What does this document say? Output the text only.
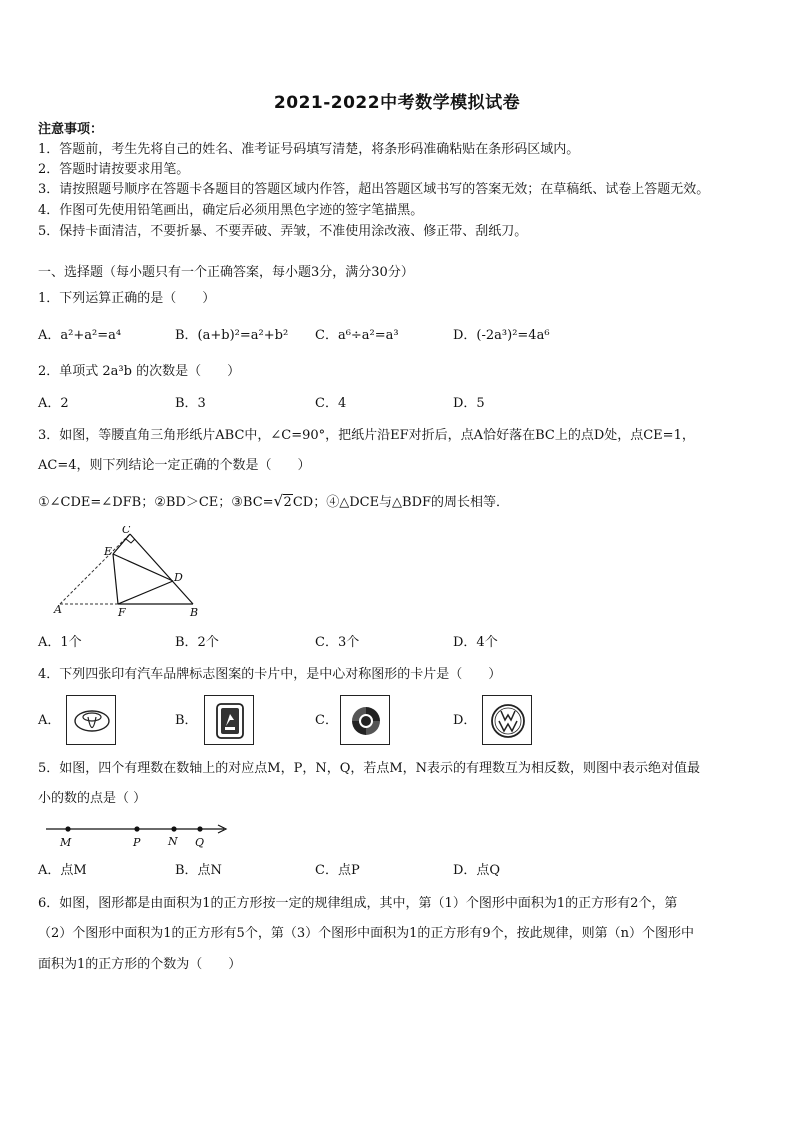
2021-2022中考数学模拟试卷
注意事项：
1．答题前，考生先将自己的姓名、准考证号码填写清楚，将条形码准确粘贴在条形码区域内。
2．答题时请按要求用笔。
3．请按照题号顺序在答题卡各题目的答题区域内作答，超出答题区域书写的答案无效；在草稿纸、试卷上答题无效。
4．作图可先使用铅笔画出，确定后必须用黑色字迹的签字笔描黑。
5．保持卡面清洁，不要折暴、不要弄破、弄皱，不准使用涂改液、修正带、刮纸刀。
一、选择题（每小题只有一个正确答案，每小题3分，满分30分）
1．下列运算正确的是（　　）
A．a²+a²=a⁴	B．(a+b)²=a²+b² C．a⁶÷a²=a³	D．(-2a³)²=4a⁶
2．单项式 2a³b 的次数是（　　）
A．2	B．3	C．4	D．5
3．如图，等腰直角三角形纸片ABC中，∠C=90°，把纸片沿EF对折后，点A恰好落在BC上的点D处，点CE=1，
AC=4，则下列结论一定正确的个数是（　　）
①∠CDE=∠DFB；②BD＞CE；③BC= √ 2CD；④△DCE与△BDF的周长相等．
C
E
D
A	F	B
A．1个	B．2个	C．3个	D．4个
4．下列四张印有汽车品牌标志图案的卡片中，是中心对称图形的卡片是（　　）
A．	B．	C．	D．
5．如图，四个有理数在数轴上的对应点M，P，N，Q，若点M，N表示的有理数互为相反数，则图中表示绝对值最
小的数的点是（ ）
M	P	N Q
A．点M	B．点N	C．点P	D．点Q
6．如图，图形都是由面积为1的正方形按一定的规律组成，其中，第（1）个图形中面积为1的正方形有2个，第
（2）个图形中面积为1的正方形有5个，第（3）个图形中面积为1的正方形有9个，按此规律，则第（n）个图形中
面积为1的正方形的个数为（　　）
